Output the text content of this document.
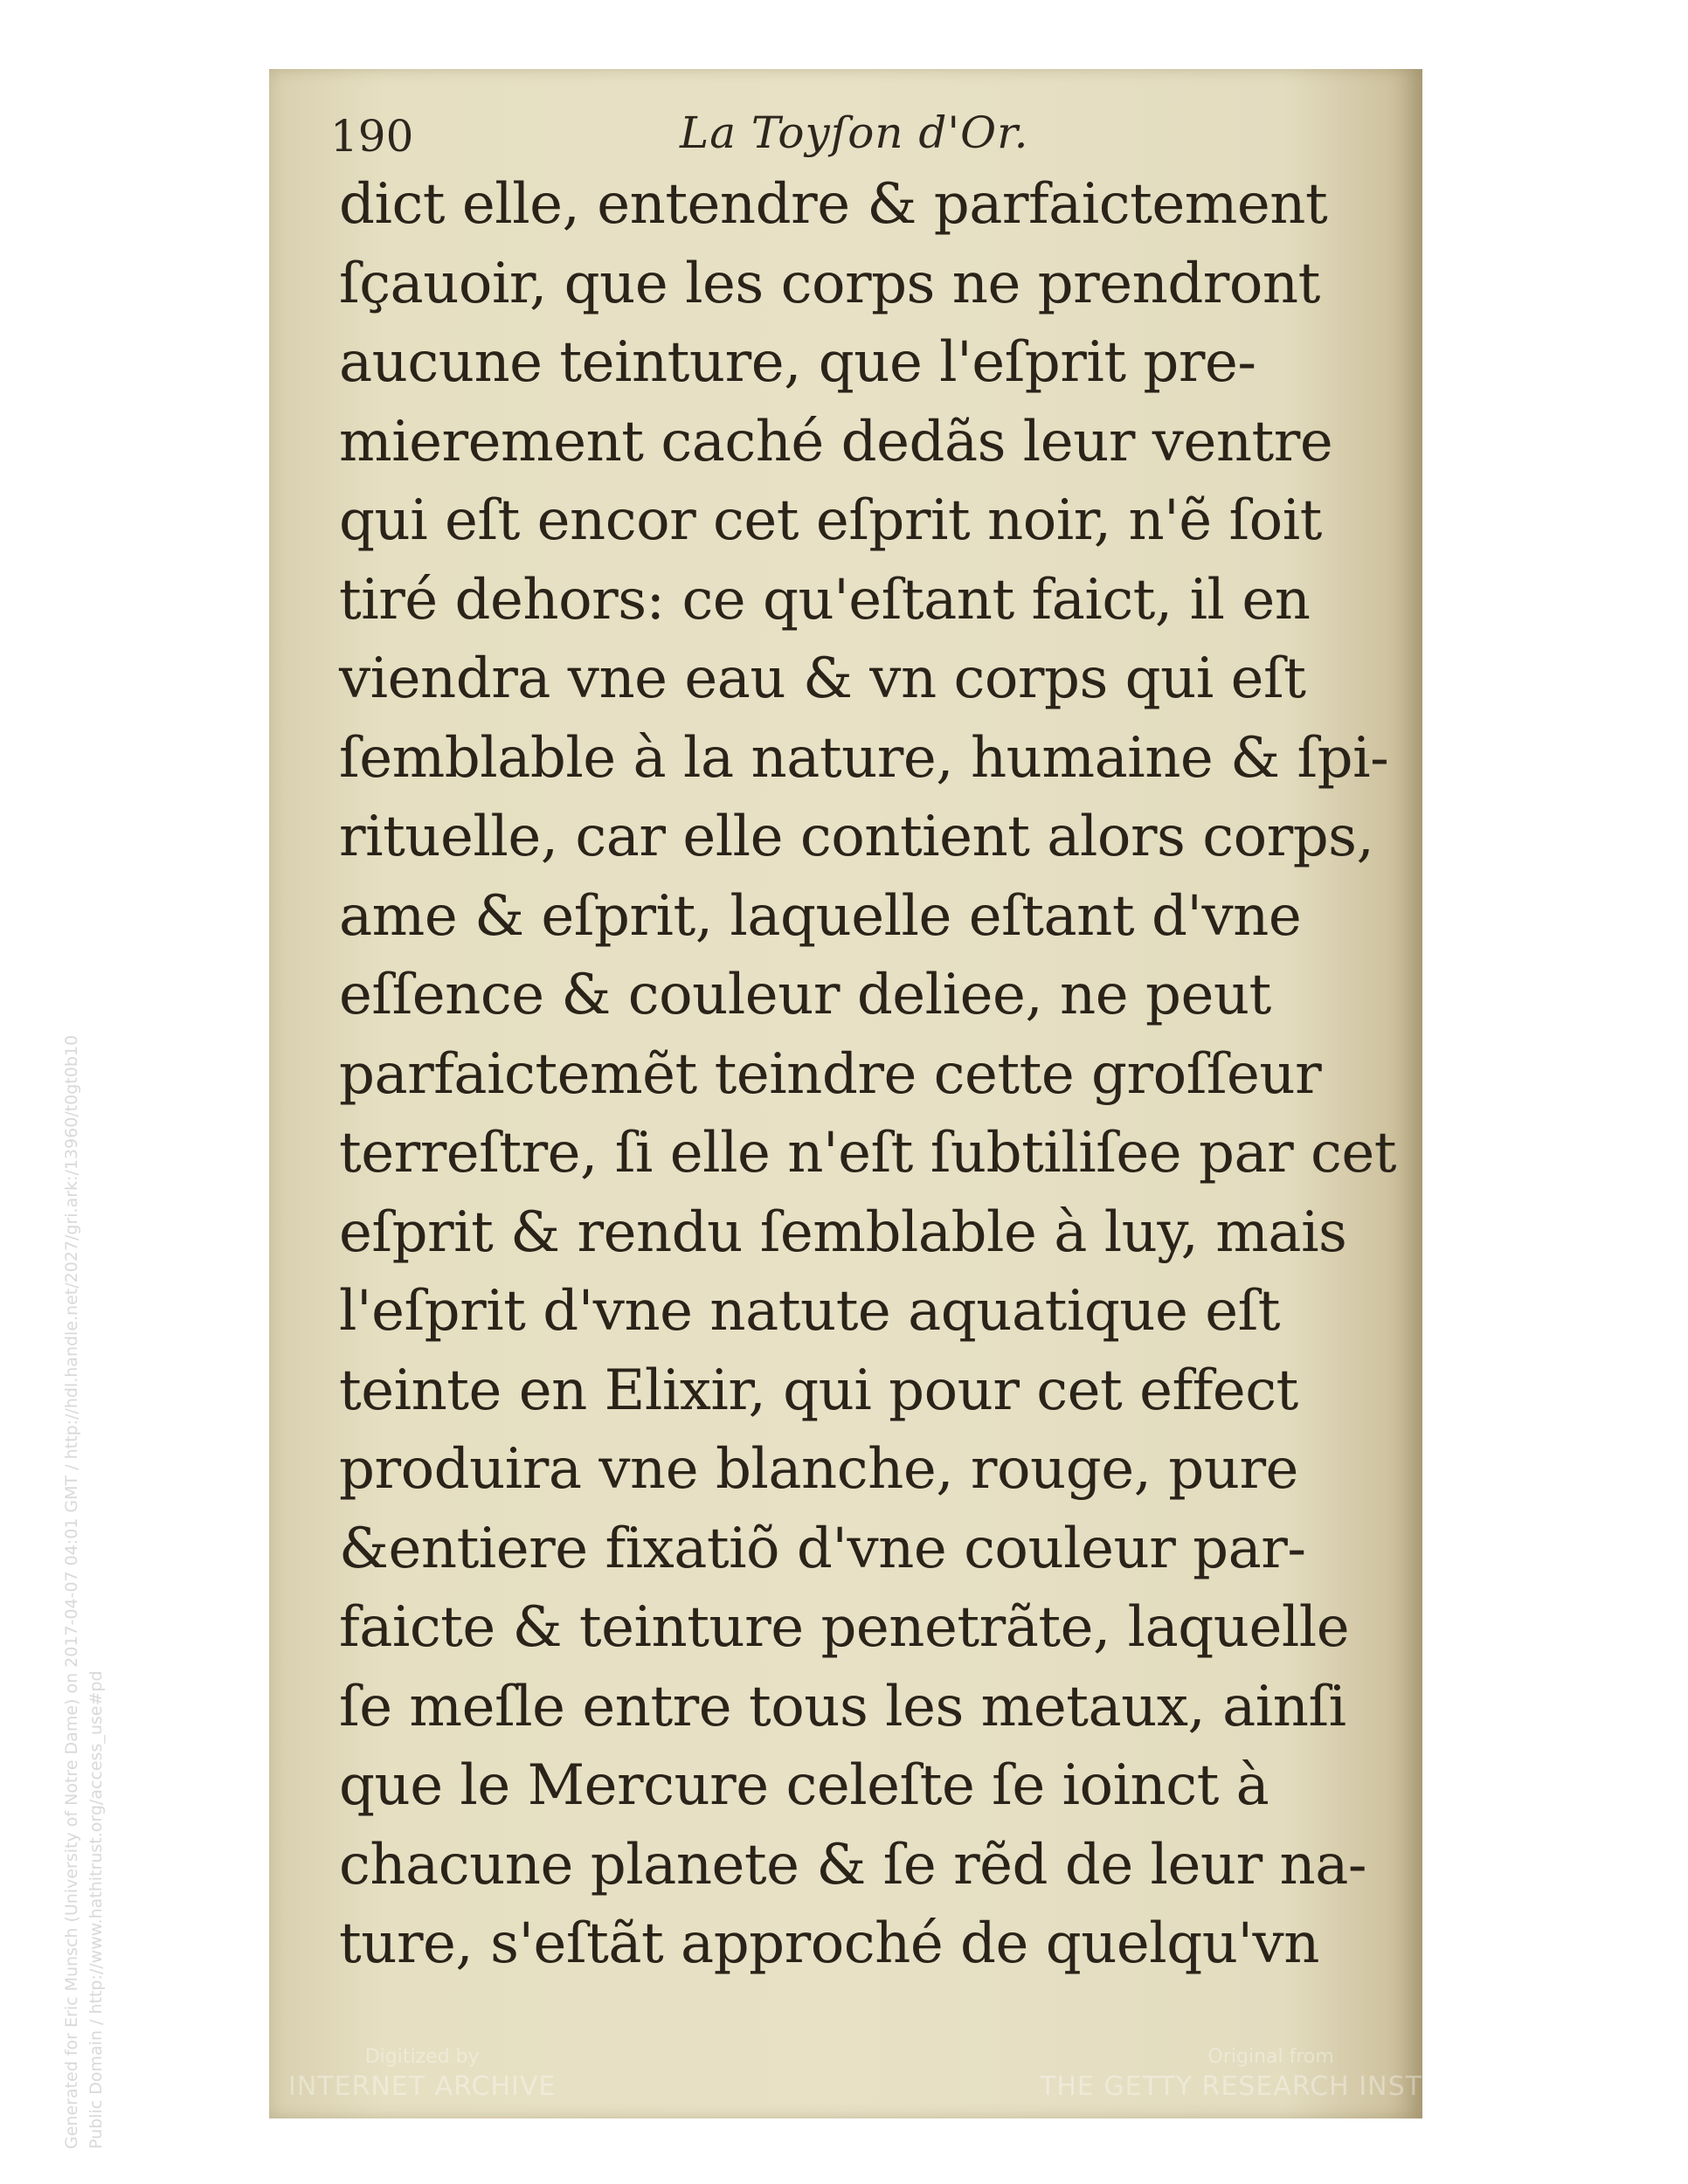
190	La Toyſon d'Or.
dict elle, entendre & parfaictement
ſçauoir, que les corps ne prendront
aucune teinture, que l'eſprit pre-
mierement caché dedãs leur ventre
qui eſt encor cet eſprit noir, n'ẽ ſoit
tiré dehors: ce qu'eſtant faict, il en
viendra vne eau & vn corps qui eſt
ſemblable à la nature, humaine & ſpi-
rituelle, car elle contient alors corps,
ame & eſprit, laquelle eſtant d'vne
eſſence & couleur deliee, ne peut
parfaictemẽt teindre cette groſſeur
terreſtre, ſi elle n'eſt ſubtiliſee par cet
eſprit & rendu ſemblable à luy, mais
l'eſprit d'vne natute aquatique eſt
teinte en Elixir, qui pour cet effect
produira vne blanche, rouge, pure
&entiere fixatiõ d'vne couleur par-
faicte & teinture penetrãte, laquelle
ſe meſle entre tous les metaux, ainſi
que le Mercure celeſte ſe ioinct à
chacune planete & ſe rẽd de leur na-
ture, s'eſtãt approché de quelqu'vn
Digitized by
INTERNET ARCHIVE
Original from
THE GETTY RESEARCH INSTITUTE
Generated for Eric Munsch (University of Notre Dame) on 2017-04-07 04:01 GMT / http://hdl.handle.net/2027/gri.ark:/13960/t0gt0b10 Public Domain / http://www.hathitrust.org/access_use#pd
